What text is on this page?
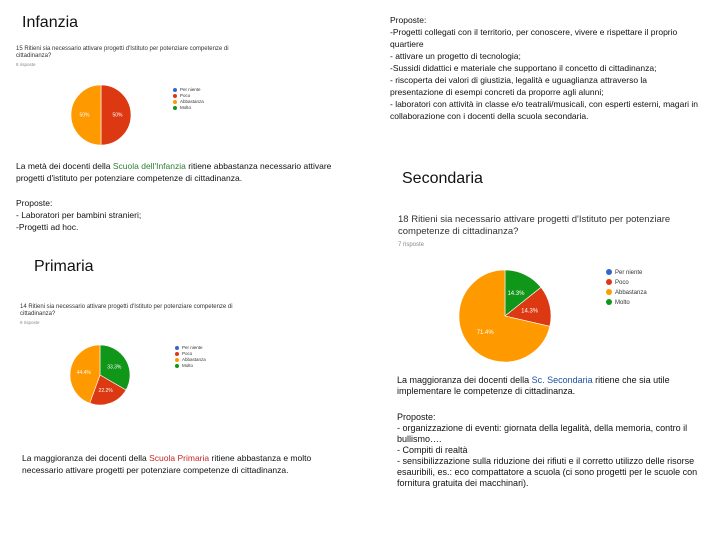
Infanzia
15 Ritieni sia necessario attivare progetti d'Istituto per potenziare competenze di cittadinanza?
8 risposte
50%
50%
Per niente
Poco
Abbastanza
Molto
La metà dei docenti della Scuola dell'Infanzia ritiene abbastanza necessario attivare progetti d'istituto per potenziare competenze di cittadinanza.
Proposte:
- Laboratori per bambini stranieri;
-Progetti ad hoc.
Proposte:
-Progetti collegati con il territorio, per conoscere, vivere e rispettare il proprio quartiere
- attivare un progetto di tecnologia;
-Sussidi didattici e materiale che supportano il concetto di cittadinanza;
- riscoperta dei valori di giustizia, legalità e uguaglianza attraverso la presentazione di esempi concreti da proporre agli alunni;
- laboratori con attività in classe e/o teatrali/musicali, con esperti esterni, magari in collaborazione con i docenti della scuola secondaria.
Primaria
14 Ritieni sia necessario attivare progetti d'Istituto per potenziare competenze di cittadinanza?
9 risposte
33.3%
22.2%
44.4%
Per niente
Poco
Abbastanza
Molto
La maggioranza dei docenti della Scuola Primaria ritiene abbastanza e molto necessario attivare progetti per potenziare competenze di cittadinanza.
Secondaria
18 Ritieni sia necessario attivare progetti d'Istituto per potenziare competenze di cittadinanza?
7 risposte
14.3%
14.3%
71.4%
Per niente
Poco
Abbastanza
Molto
La maggioranza dei docenti della Sc. Secondaria ritiene che sia utile implementare le competenze di cittadinanza.
Proposte:
- organizzazione di eventi: giornata della legalità, della memoria, contro il bullismo….
- Compiti di realtà
- sensibilizzazione sulla riduzione dei rifiuti e il corretto utilizzo delle risorse esauribili, es.: eco compattatore a scuola (ci sono progetti per le scuole con fornitura gratuita dei macchinari).
